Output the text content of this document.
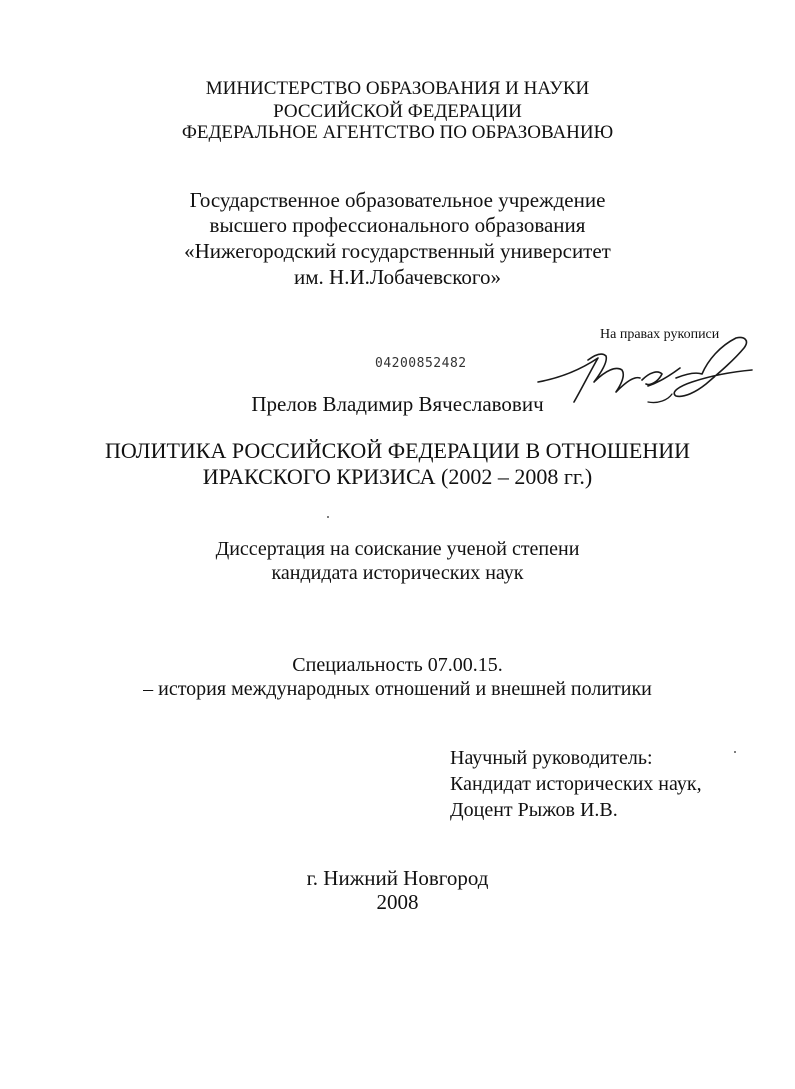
МИНИСТЕРСТВО ОБРАЗОВАНИЯ И НАУКИ
РОССИЙСКОЙ ФЕДЕРАЦИИ
ФЕДЕРАЛЬНОЕ АГЕНТСТВО ПО ОБРАЗОВАНИЮ
Государственное образовательное учреждение
высшего профессионального образования
«Нижегородский государственный университет
им. Н.И.Лобачевского»
На правах рукописи
04200852482
Прелов Владимир Вячеславович
ПОЛИТИКА РОССИЙСКОЙ ФЕДЕРАЦИИ В ОТНОШЕНИИ
ИРАКСКОГО КРИЗИСА (2002 – 2008 гг.)
Диссертация на соискание ученой степени
кандидата исторических наук
Специальность 07.00.15.
– история международных отношений и внешней политики
Научный руководитель:
Кандидат исторических наук,
Доцент Рыжов И.В.
г. Нижний Новгород
2008
